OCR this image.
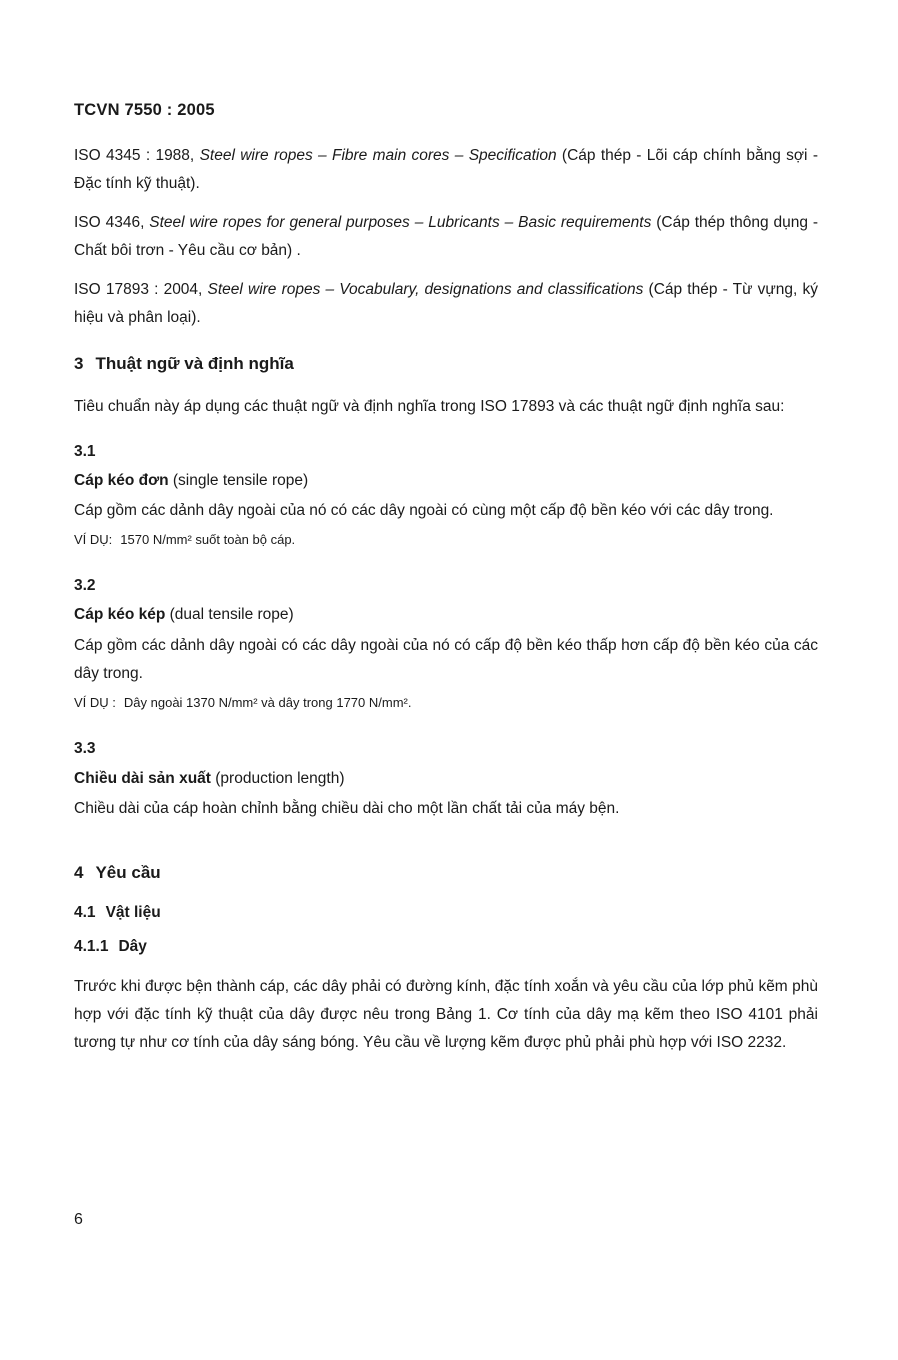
TCVN 7550 : 2005

ISO 4345 : 1988, Steel wire ropes – Fibre main cores – Specification (Cáp thép - Lõi cáp chính bằng sợi - Đặc tính kỹ thuật).

ISO 4346, Steel wire ropes for general purposes – Lubricants – Basic requirements (Cáp thép thông dụng - Chất bôi trơn - Yêu cầu cơ bản) .

ISO 17893 : 2004, Steel wire ropes – Vocabulary, designations and classifications (Cáp thép - Từ vựng, ký hiệu và phân loại).

3 Thuật ngữ và định nghĩa

Tiêu chuẩn này áp dụng các thuật ngữ và định nghĩa trong ISO 17893 và các thuật ngữ định nghĩa sau:

3.1
Cáp kéo đơn (single tensile rope)

Cáp gồm các dảnh dây ngoài của nó có các dây ngoài có cùng một cấp độ bền kéo với các dây trong.

VÍ DỤ: 1570 N/mm² suốt toàn bộ cáp.
3.2
Cáp kéo kép (dual tensile rope)

Cáp gồm các dảnh dây ngoài có các dây ngoài của nó có cấp độ bền kéo thấp hơn cấp độ bền kéo của các dây trong.

VÍ DỤ : Dây ngoài 1370 N/mm² và dây trong 1770 N/mm².
3.3
Chiều dài sản xuất (production length)

Chiều dài của cáp hoàn chỉnh bằng chiều dài cho một lần chất tải của máy bện.

4 Yêu cầu
4.1 Vật liệu
4.1.1 Dây

Trước khi được bện thành cáp, các dây phải có đường kính, đặc tính xoắn và yêu cầu của lớp phủ kẽm phù hợp với đặc tính kỹ thuật của dây được nêu trong Bảng 1. Cơ tính của dây mạ kẽm theo ISO 4101 phải tương tự như cơ tính của dây sáng bóng. Yêu cầu về lượng kẽm được phủ phải phù hợp với ISO 2232.

6
